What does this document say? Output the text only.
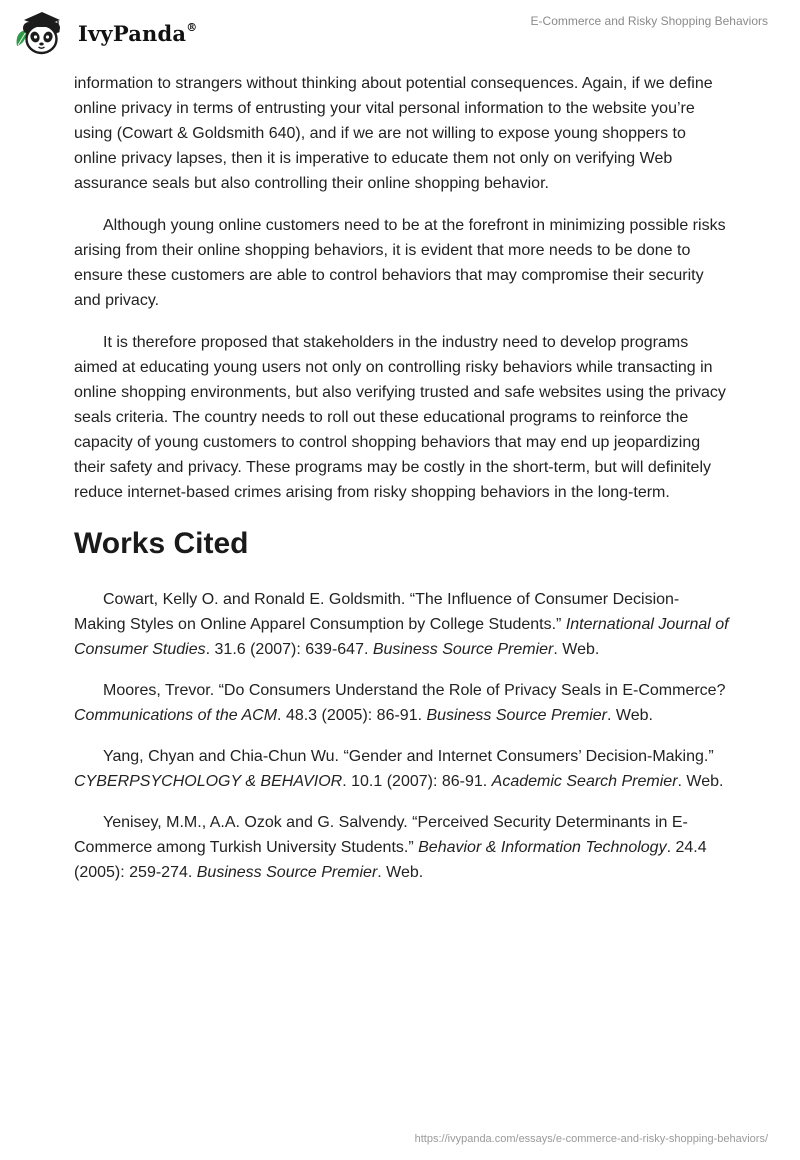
IvyPanda®	E-Commerce and Risky Shopping Behaviors

information to strangers without thinking about potential consequences. Again, if we define online privacy in terms of entrusting your vital personal information to the website you’re using (Cowart & Goldsmith 640), and if we are not willing to expose young shoppers to online privacy lapses, then it is imperative to educate them not only on verifying Web assurance seals but also controlling their online shopping behavior.

Although young online customers need to be at the forefront in minimizing possible risks arising from their online shopping behaviors, it is evident that more needs to be done to ensure these customers are able to control behaviors that may compromise their security and privacy.

It is therefore proposed that stakeholders in the industry need to develop programs aimed at educating young users not only on controlling risky behaviors while transacting in online shopping environments, but also verifying trusted and safe websites using the privacy seals criteria. The country needs to roll out these educational programs to reinforce the capacity of young customers to control shopping behaviors that may end up jeopardizing their safety and privacy. These programs may be costly in the short-term, but will definitely reduce internet-based crimes arising from risky shopping behaviors in the long-term.

Works Cited

Cowart, Kelly O. and Ronald E. Goldsmith. “The Influence of Consumer Decision-Making Styles on Online Apparel Consumption by College Students.” International Journal of Consumer Studies. 31.6 (2007): 639-647. Business Source Premier. Web.

Moores, Trevor. “Do Consumers Understand the Role of Privacy Seals in E-Commerce? Communications of the ACM. 48.3 (2005): 86-91. Business Source Premier. Web.

Yang, Chyan and Chia-Chun Wu. “Gender and Internet Consumers’ Decision-Making.” CYBERPSYCHOLOGY & BEHAVIOR. 10.1 (2007): 86-91. Academic Search Premier. Web.

Yenisey, M.M., A.A. Ozok and G. Salvendy. “Perceived Security Determinants in E-Commerce among Turkish University Students.” Behavior & Information Technology. 24.4 (2005): 259-274. Business Source Premier. Web.

https://ivypanda.com/essays/e-commerce-and-risky-shopping-behaviors/
